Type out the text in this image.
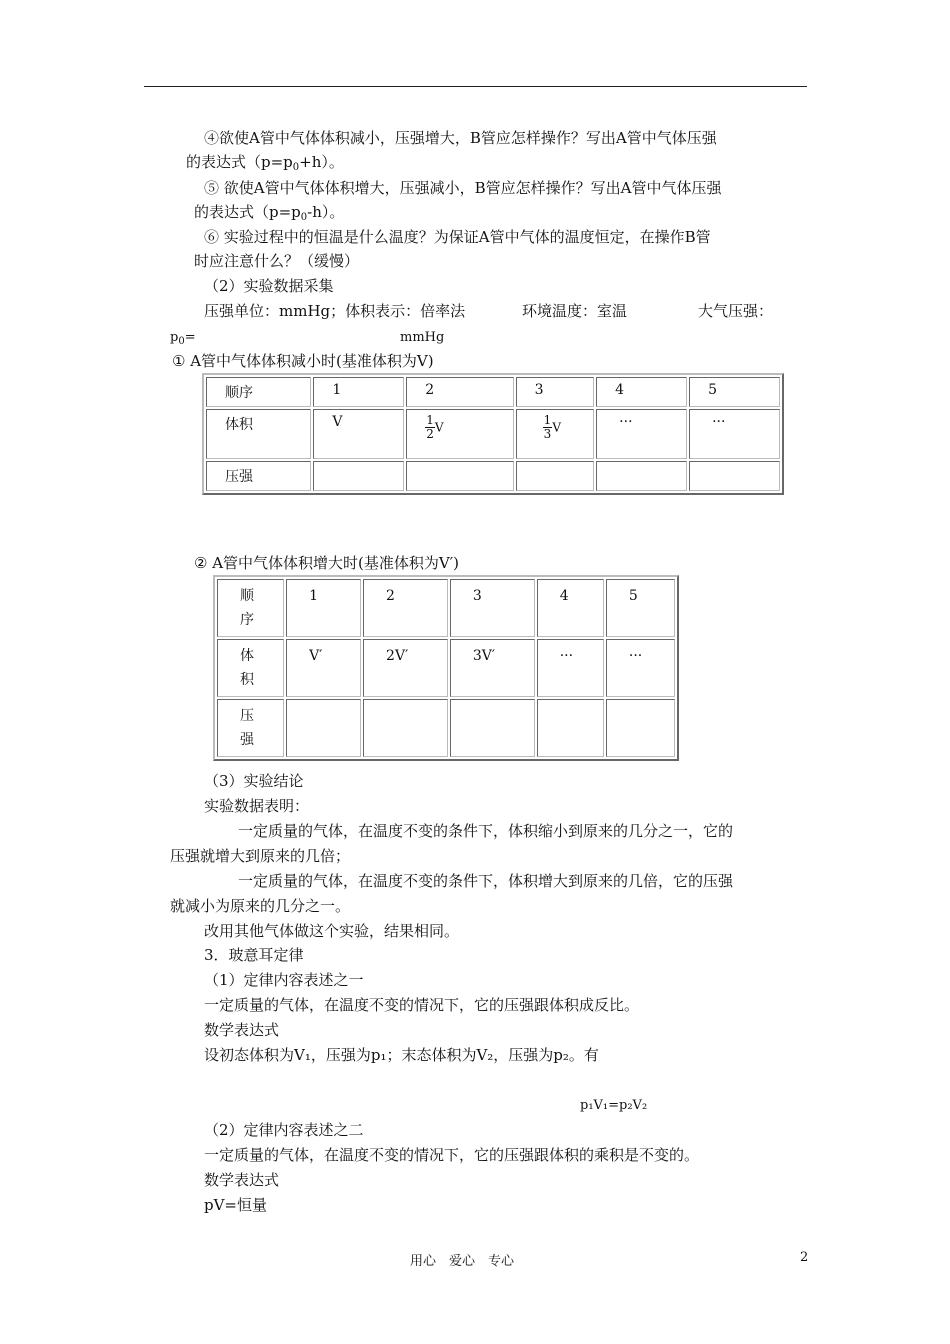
④欲使A管中气体体积减小，压强增大，B管应怎样操作？写出A管中气体压强
的表达式$(p=p_0+h)$。
⑤ 欲使A管中气体体积增大，压强减小，B管应怎样操作？写出A管中气体压强
的表达式$(p=p_0-h)$。
⑥ 实验过程中的恒温是什么温度？为保证A管中气体的温度恒定，在操作B管
时应注意什么？（缓慢）
（2）实验数据采集
压强单位：mmHg；体积表示：倍率法	环境温度：室温	大气压强：
$p_0=$	mmHg
① A管中气体体积减小时(基准体积为V)
顺序	1	2	3	4	5
体积	V	$\frac{1}{2}$ V	$\frac{1}{3}$ V	···	···
压强					
② A管中气体体积增大时(基准体积为V′)
顺
序	1	2	3	4	5
体
积	V′	2V′	3V′	···	···
压
强					
（3）实验结论
实验数据表明：
一定质量的气体，在温度不变的条件下，体积缩小到原来的几分之一，它的
压强就增大到原来的几倍；
一定质量的气体，在温度不变的条件下，体积增大到原来的几倍，它的压强
就减小为原来的几分之一。
改用其他气体做这个实验，结果相同。
3．玻意耳定律
（1）定律内容表述之一
一定质量的气体，在温度不变的情况下，它的压强跟体积成反比。
数学表达式
设初态体积为V₁，压强为p₁；末态体积为V₂，压强为p₂。有
p₁V₁=p₂V₂
（2）定律内容表述之二
一定质量的气体，在温度不变的情况下，它的压强跟体积的乘积是不变的。
数学表达式
pV=恒量
用心　爱心　专心	2
